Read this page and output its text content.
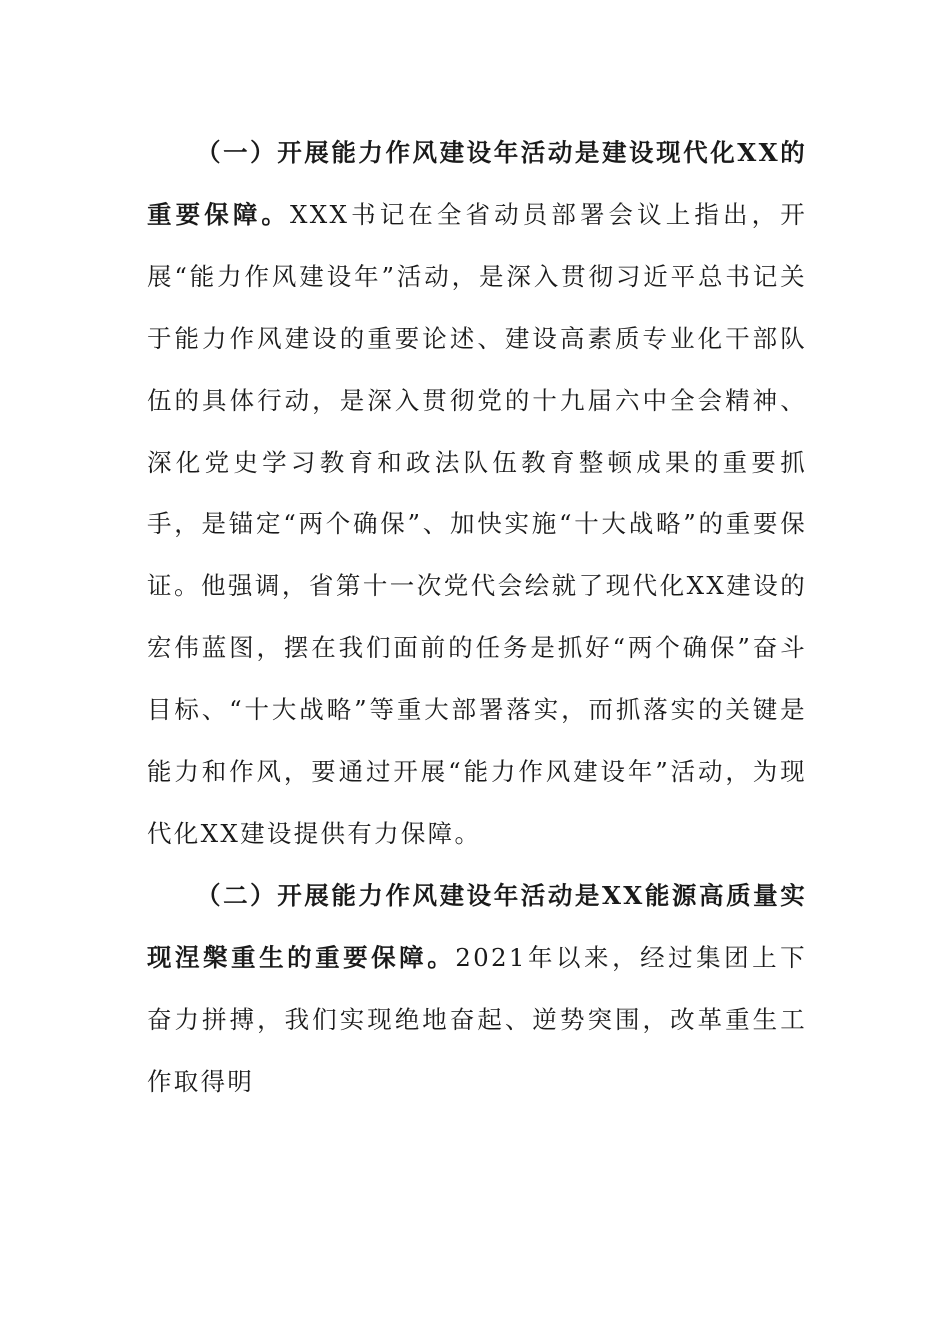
（一）开展能力作风建设年活动是建设现代化XX的重要保障。XXX书记在全省动员部署会议上指出，开展“能力作风建设年”活动，是深入贯彻习近平总书记关于能力作风建设的重要论述、建设高素质专业化干部队伍的具体行动，是深入贯彻党的十九届六中全会精神、深化党史学习教育和政法队伍教育整顿成果的重要抓手，是锚定“两个确保”、加快实施“十大战略”的重要保证。他强调，省第十一次党代会绘就了现代化XX建设的宏伟蓝图，摆在我们面前的任务是抓好“两个确保”奋斗目标、“十大战略”等重大部署落实，而抓落实的关键是能力和作风，要通过开展“能力作风建设年”活动，为现代化XX建设提供有力保障。

（二）开展能力作风建设年活动是XX能源高质量实现涅槃重生的重要保障。2021年以来，经过集团上下奋力拼搏，我们实现绝地奋起、逆势突围，改革重生工作取得明
